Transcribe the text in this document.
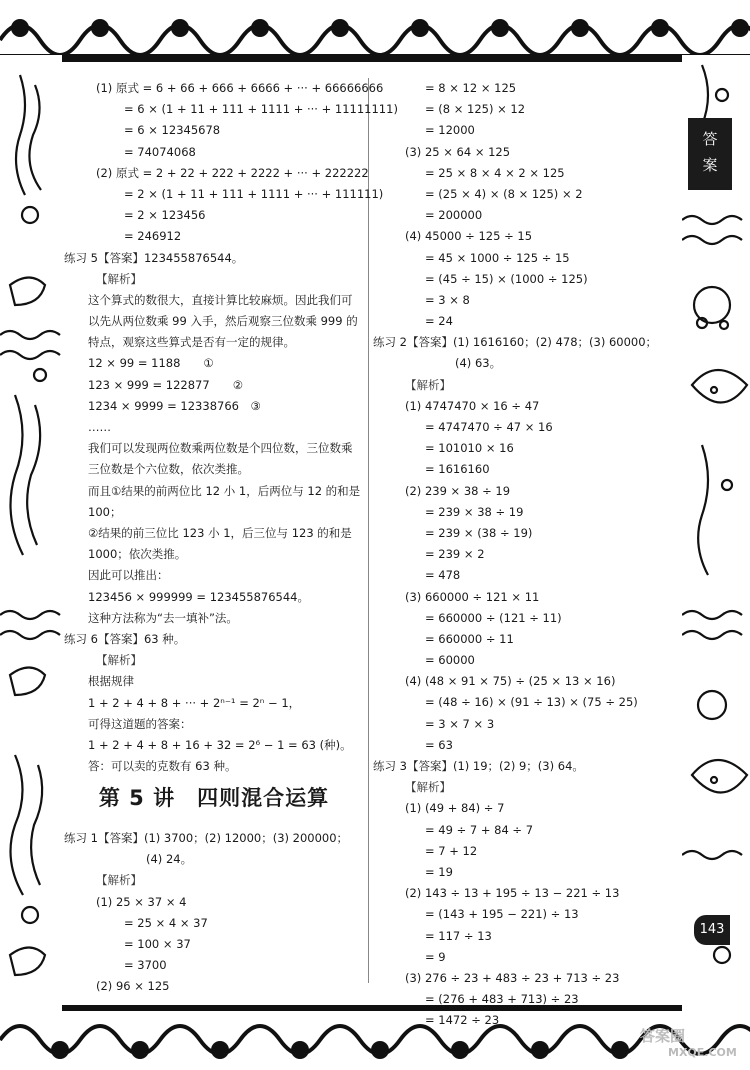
答
案
143
答案圈
MXQE.COM
(1) 原式 = 6 + 66 + 666 + 6666 + ··· + 66666666
= 6 × (1 + 11 + 111 + 1111 + ··· + 11111111)
= 6 × 12345678
= 74074068
(2) 原式 = 2 + 22 + 222 + 2222 + ··· + 222222
= 2 × (1 + 11 + 111 + 1111 + ··· + 111111)
= 2 × 123456
= 246912
练习 5【答案】123455876544。
【解析】
这个算式的数很大，直接计算比较麻烦。因此我们可以先从两位数乘 99 入手，然后观察三位数乘 999 的特点，观察这些算式是否有一定的规律。
12 × 99 = 1188　　①
123 × 999 = 122877　　②
1234 × 9999 = 12338766　③
……
我们可以发现两位数乘两位数是个四位数，三位数乘三位数是个六位数，依次类推。
而且①结果的前两位比 12 小 1，后两位与 12 的和是 100；
②结果的前三位比 123 小 1，后三位与 123 的和是 1000；依次类推。
因此可以推出：
123456 × 999999 = 123455876544。
这种方法称为“去一填补”法。
练习 6【答案】63 种。
【解析】
根据规律
1 + 2 + 4 + 8 + ··· + 2ⁿ⁻¹ = 2ⁿ − 1，
可得这道题的答案：
1 + 2 + 4 + 8 + 16 + 32 = 2⁶ − 1 = 63 (种)。
答：可以卖的克数有 63 种。
第 5 讲　四则混合运算
练习 1【答案】(1) 3700；(2) 12000；(3) 200000；
(4) 24。
【解析】
(1) 25 × 37 × 4
= 25 × 4 × 37
= 100 × 37
= 3700
(2) 96 × 125
= 8 × 12 × 125
= (8 × 125) × 12
= 12000
(3) 25 × 64 × 125
= 25 × 8 × 4 × 2 × 125
= (25 × 4) × (8 × 125) × 2
= 200000
(4) 45000 ÷ 125 ÷ 15
= 45 × 1000 ÷ 125 ÷ 15
= (45 ÷ 15) × (1000 ÷ 125)
= 3 × 8
= 24
练习 2【答案】(1) 1616160；(2) 478；(3) 60000；
(4) 63。
【解析】
(1) 4747470 × 16 ÷ 47
= 4747470 ÷ 47 × 16
= 101010 × 16
= 1616160
(2) 239 × 38 ÷ 19
= 239 × 38 ÷ 19
= 239 × (38 ÷ 19)
= 239 × 2
= 478
(3) 660000 ÷ 121 × 11
= 660000 ÷ (121 ÷ 11)
= 660000 ÷ 11
= 60000
(4) (48 × 91 × 75) ÷ (25 × 13 × 16)
= (48 ÷ 16) × (91 ÷ 13) × (75 ÷ 25)
= 3 × 7 × 3
= 63
练习 3【答案】(1) 19；(2) 9；(3) 64。
【解析】
(1) (49 + 84) ÷ 7
= 49 ÷ 7 + 84 ÷ 7
= 7 + 12
= 19
(2) 143 ÷ 13 + 195 ÷ 13 − 221 ÷ 13
= (143 + 195 − 221) ÷ 13
= 117 ÷ 13
= 9
(3) 276 ÷ 23 + 483 ÷ 23 + 713 ÷ 23
= (276 + 483 + 713) ÷ 23
= 1472 ÷ 23
